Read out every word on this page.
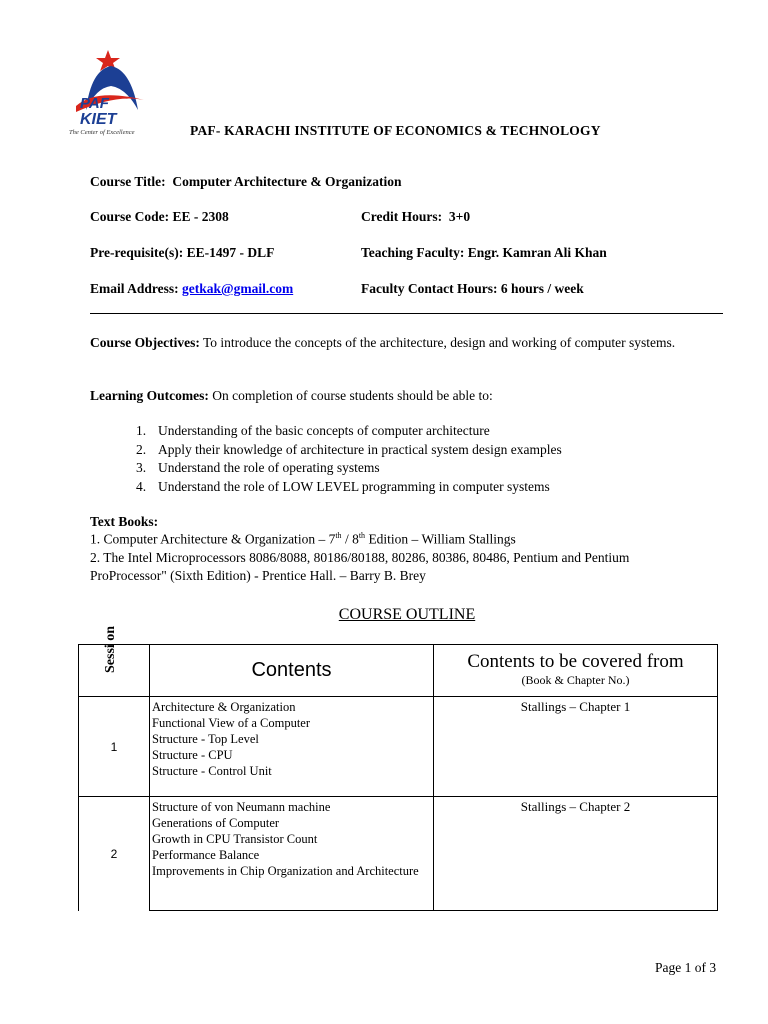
PAF
KIET
The Center of Excellence	PAF- KARACHI INSTITUTE OF ECONOMICS & TECHNOLOGY
Course Title: Computer Architecture & Organization
Course Code: EE - 2308	Credit Hours: 3+0
Pre-requisite(s): EE-1497 - DLF	Teaching Faculty: Engr. Kamran Ali Khan
Email Address: getkak@gmail.com	Faculty Contact Hours: 6 hours / week
Course Objectives: To introduce the concepts of the architecture, design and working of computer systems.
Learning Outcomes: On completion of course students should be able to:
1. Understanding of the basic concepts of computer architecture
2. Apply their knowledge of architecture in practical system design examples
3. Understand the role of operating systems
4. Understand the role of LOW LEVEL programming in computer systems
Text Books:
1. Computer Architecture & Organization – 7th / 8th Edition – William Stallings
2. The Intel Microprocessors 8086/8088, 80186/80188, 80286, 80386, 80486, Pentium and Pentium ProProcessor" (Sixth Edition) - Prentice Hall. – Barry B. Brey
COURSE OUTLINE
Sessi on	Contents	Contents to be covered from
(Book & Chapter No.)

1	Architecture & Organization
Functional View of a Computer
Structure - Top Level
Structure - CPU
Structure - Control Unit	Stallings – Chapter 1
2	Structure of von Neumann machine
Generations of Computer
Growth in CPU Transistor Count
Performance Balance
Improvements in Chip Organization and Architecture	Stallings – Chapter 2
Page 1 of 3
